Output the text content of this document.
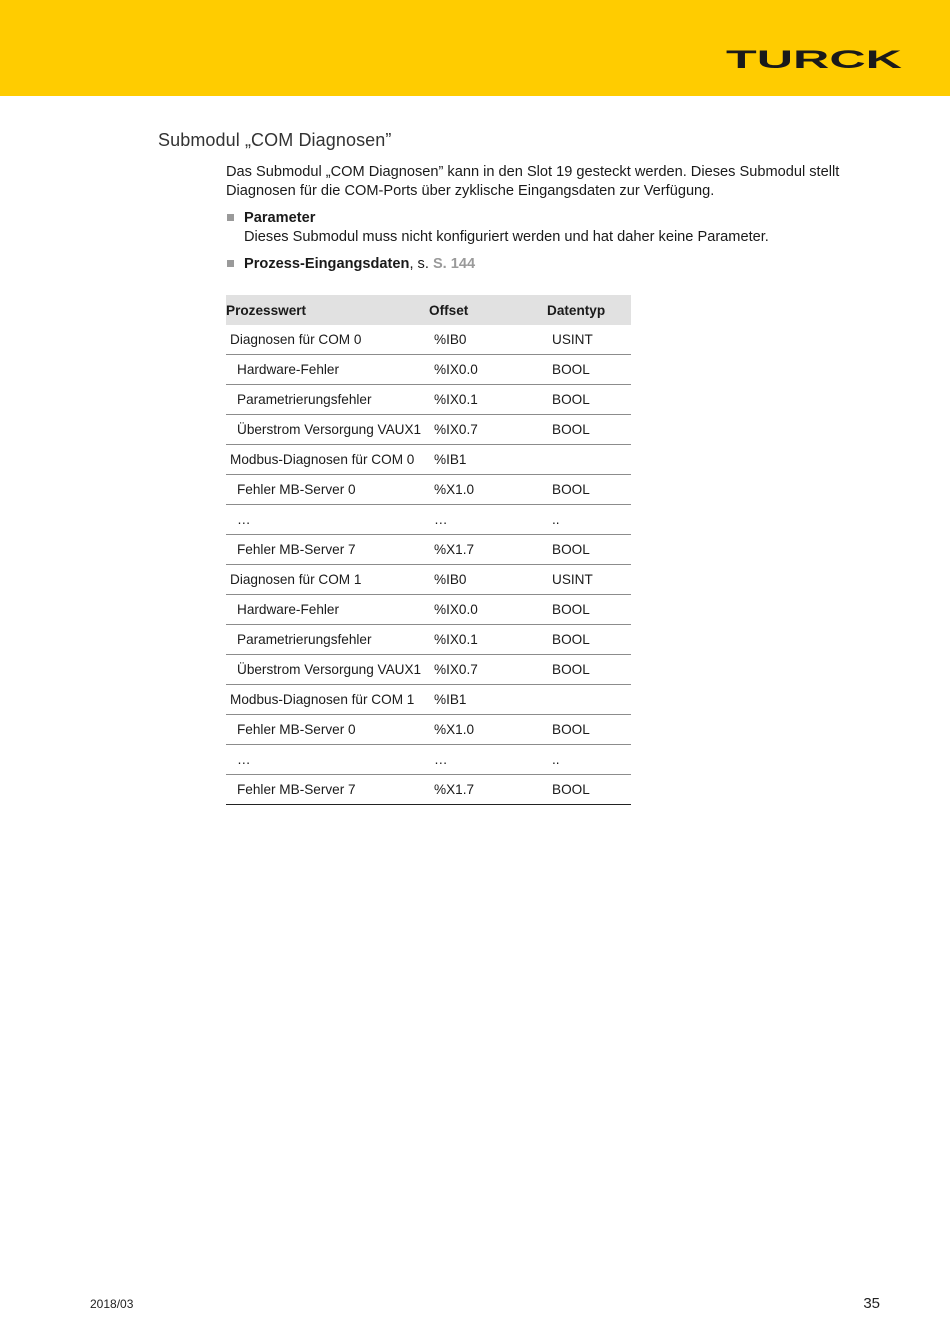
TURCK
Submodul „COM Diagnosen”

Das Submodul „COM Diagnosen” kann in den Slot 19 gesteckt werden. Dieses Submodul stellt Diagnosen für die COM-Ports über zyklische Eingangsdaten zur Verfügung.

Parameter
Dieses Submodul muss nicht konfiguriert werden und hat daher keine Parameter.
Prozess-Eingangsdaten, s. S. 144
Prozesswert	Offset	Datentyp
Diagnosen für COM 0	%IB0	USINT
Hardware-Fehler	%IX0.0	BOOL
Parametrierungsfehler	%IX0.1	BOOL
Überstrom Versorgung VAUX1	%IX0.7	BOOL
Modbus-Diagnosen für COM 0	%IB1	
Fehler MB-Server 0	%X1.0	BOOL
…	…	..
Fehler MB-Server 7	%X1.7	BOOL
Diagnosen für COM 1	%IB0	USINT
Hardware-Fehler	%IX0.0	BOOL
Parametrierungsfehler	%IX0.1	BOOL
Überstrom Versorgung VAUX1	%IX0.7	BOOL
Modbus-Diagnosen für COM 1	%IB1	
Fehler MB-Server 0	%X1.0	BOOL
…	…	..
Fehler MB-Server 7	%X1.7	BOOL
2018/03	35
